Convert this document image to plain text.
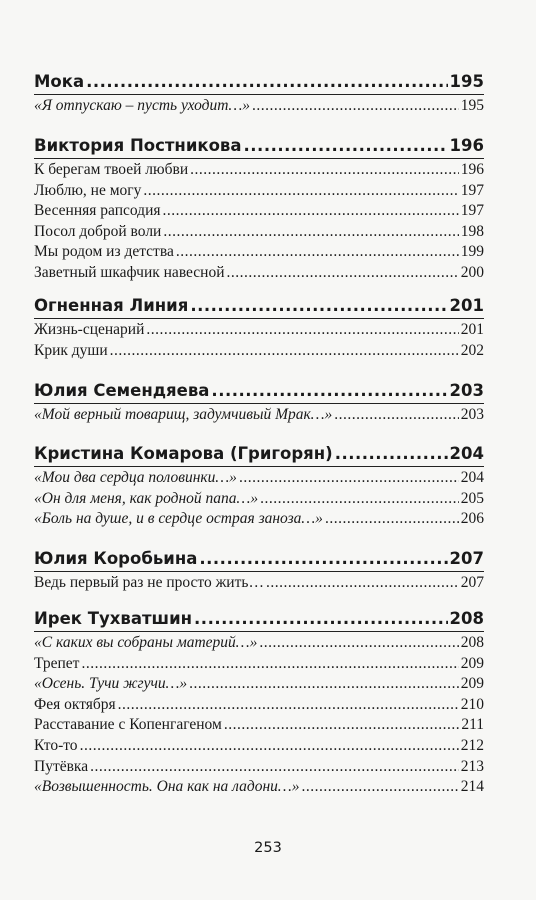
Мока .....	195
«Я отпускаю – пусть уходит…» .....	195
Виктория Постникова .....	196
К берегам твоей любви .....	196
Люблю, не могу .....	197
Весенняя рапсодия .....	197
Посол доброй воли .....	198
Мы родом из детства .....	199
Заветный шкафчик навесной .....	200
Огненная Линия .....	201
Жизнь-сценарий .....	201
Крик души .....	202
Юлия Семендяева .....	203
«Мой верный товарищ, задумчивый Мрак…» .....	203
Кристина Комарова (Григорян) .....	204
«Мои два сердца половинки…» .....	204
«Он для меня, как родной папа…» .....	205
«Боль на душе, и в сердце острая заноза…» .....	206
Юлия Коробьина .....	207
Ведь первый раз не просто жить… .....	207
Ирек Тухватшин .....	208
«С каких вы собраны материй…» .....	208
Трепет .....	209
«Осень. Тучи жгучи…» .....	209
Фея октября .....	210
Расставание с Копенгагеном .....	211
Кто-то .....	212
Путёвка .....	213
«Возвышенность. Она как на ладони…» .....	214
253
